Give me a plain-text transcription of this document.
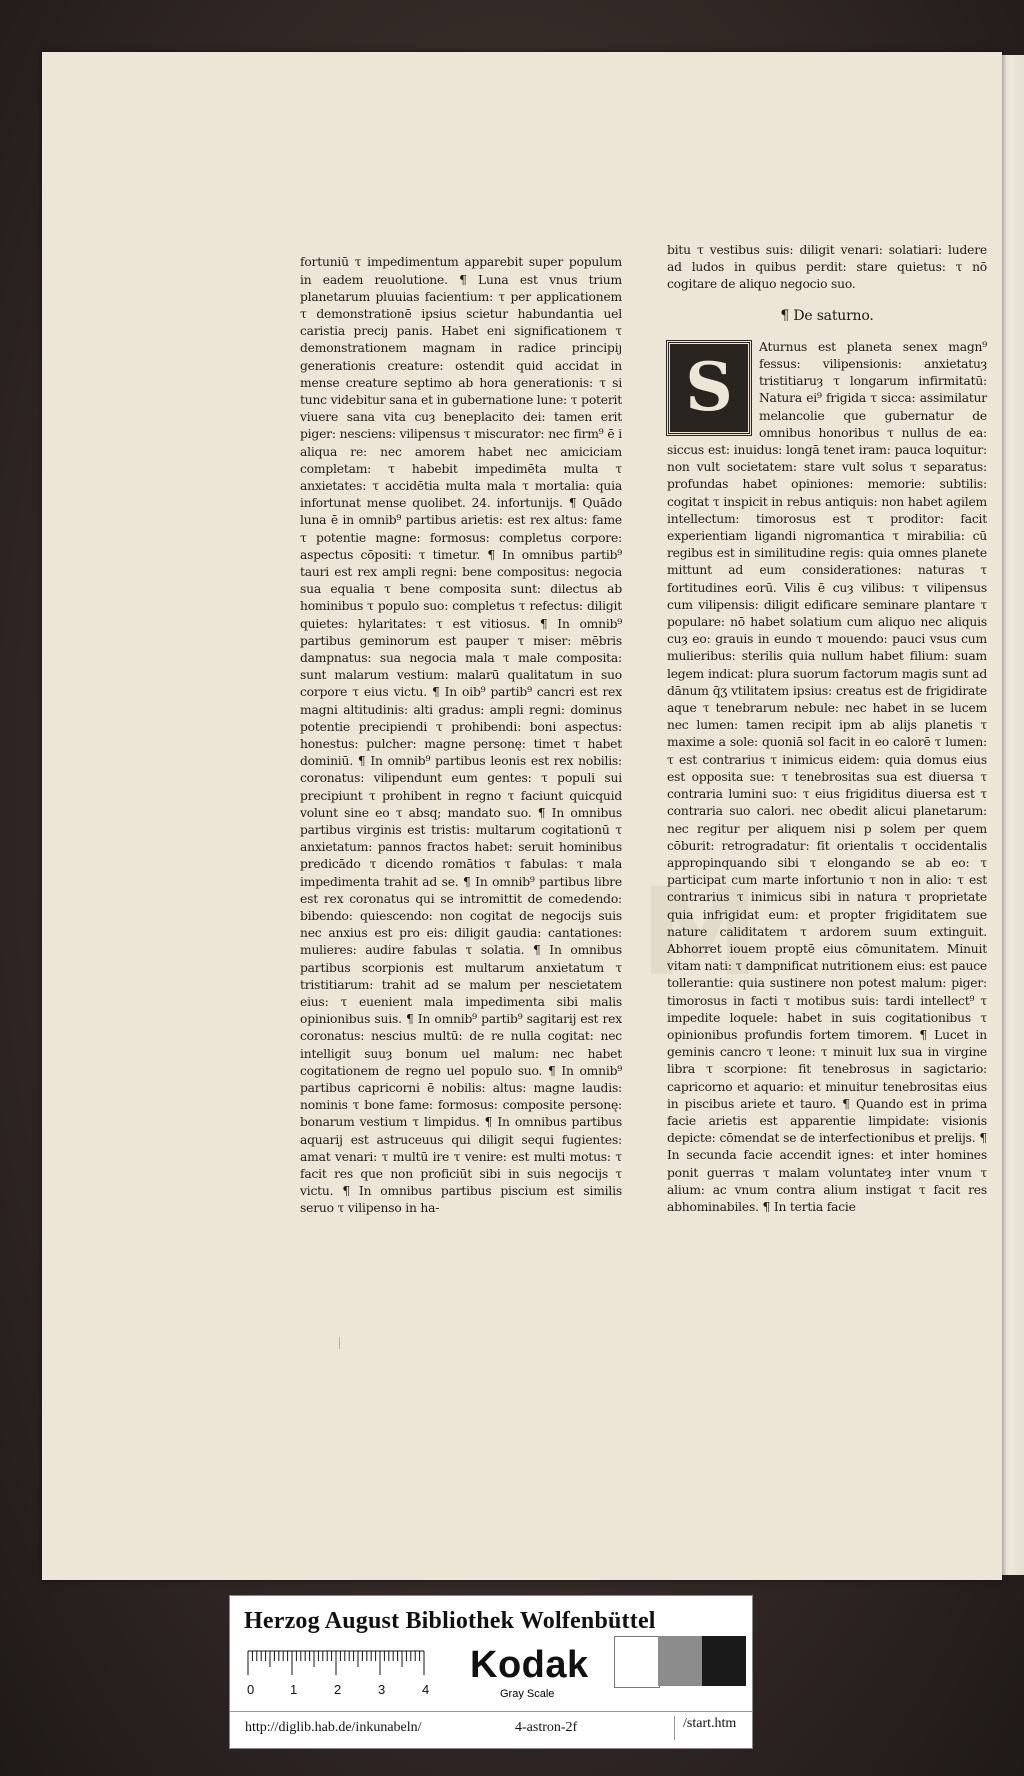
M

fortuniū τ impedimentum apparebit super populum in eadem reuolutione. ¶ Luna est vnus trium planetarum pluuias facientium: τ per applicationem τ demonstrationē ipsius scietur habundantia uel caristia preciȷ panis. Habet eni significationem τ demonstrationem magnam in radice principiȷ generationis creature: ostendit quid accidat in mense creature septimo ab hora generationis: τ si tunc videbitur sana et in gubernatione lune: τ poterit viuere sana vita cuȝ beneplacito dei: tamen erit piger: nesciens: vilipensus τ miscurator: nec firm⁹ ē i aliqua re: nec amorem habet nec amiciciam completam: τ habebit impedimēta multa τ anxietates: τ accidētia multa mala τ mortalia: quia infortunat mense quolibet. 24. infortunijs. ¶ Quādo luna ē in omnib⁹ partibus arietis: est rex altus: fame τ potentie magne: formosus: completus corpore: aspectus cōpositi: τ timetur. ¶ In omnibus partib⁹ tauri est rex ampli regni: bene compositus: negocia sua equalia τ bene composita sunt: dilectus ab hominibus τ populo suo: completus τ refectus: diligit quietes: hylaritates: τ est vitiosus. ¶ In omnib⁹ partibus geminorum est pauper τ miser: mēbris dampnatus: sua negocia mala τ male composita: sunt malarum vestium: malarū qualitatum in suo corpore τ eius victu. ¶ In oib⁹ partib⁹ cancri est rex magni altitudinis: alti gradus: ampli regni: dominus potentie precipiendi τ prohibendi: boni aspectus: honestus: pulcher: magne personę: timet τ habet dominiū. ¶ In omnib⁹ partibus leonis est rex nobilis: coronatus: vilipendunt eum gentes: τ populi sui precipiunt τ prohibent in regno τ faciunt quicquid volunt sine eo τ absq; mandato suo. ¶ In omnibus partibus virginis est tristis: multarum cogitationū τ anxietatum: pannos fractos habet: seruit hominibus predicādo τ dicendo romātios τ fabulas: τ mala impedimenta trahit ad se. ¶ In omnib⁹ partibus libre est rex coronatus qui se intromittit de comedendo: bibendo: quiescendo: non cogitat de negocijs suis nec anxius est pro eis: diligit gaudia: cantationes: mulieres: audire fabulas τ solatia. ¶ In omnibus partibus scorpionis est multarum anxietatum τ tristitiarum: trahit ad se malum per nescietatem eius: τ euenient mala impedimenta sibi malis opinionibus suis. ¶ In omnib⁹ partib⁹ sagitarij est rex coronatus: nescius multū: de re nulla cogitat: nec intelligit suuȝ bonum uel malum: nec habet cogitationem de regno uel populo suo. ¶ In omnib⁹ partibus capricorni ē nobilis: altus: magne laudis: nominis τ bone fame: formosus: composite personę: bonarum vestium τ limpidus. ¶ In omnibus partibus aquarij est astruceuus qui diligit sequi fugientes: amat venari: τ multū ire τ venire: est multi motus: τ facit res que non proficiūt sibi in suis negocijs τ victu. ¶ In omnibus partibus piscium est similis seruo τ vilipenso in ha-

bitu τ vestibus suis: diligit venari: solatiari: ludere ad ludos in quibus perdit: stare quietus: τ nō cogitare de aliquo negocio suo.

¶ De saturno.
S

Aturnus est planeta senex magn⁹ fessus: vilipensionis: anxietatuȝ tristitiaruȝ τ longarum infirmitatū: Natura ei⁹ frigida τ sicca: assimilatur melancolie que gubernatur de omnibus honoribus τ nullus de ea: siccus est: inuidus: longā tenet iram: pauca loquitur: non vult societatem: stare vult solus τ separatus: profundas habet opiniones: memorie: subtilis: cogitat τ inspicit in rebus antiquis: non habet agilem intellectum: timorosus est τ proditor: facit experientiam ligandi nigromantica τ mirabilia: cū regibus est in similitudine regis: quia omnes planete mittunt ad eum considerationes: naturas τ fortitudines eorū. Vilis ē cuȝ vilibus: τ vilipensus cum vilipensis: diligit edificare seminare plantare τ populare: nō habet solatium cum aliquo nec aliquis cuȝ eo: grauis in eundo τ mouendo: pauci vsus cum mulieribus: sterilis quia nullum habet filium: suam legem indicat: plura suorum factorum magis sunt ad dānum q̄ʒ vtilitatem ipsius: creatus est de frigidirate aque τ tenebrarum nebule: nec habet in se lucem nec lumen: tamen recipit ipm ab alijs planetis τ maxime a sole: quoniā sol facit in eo calorē τ lumen: τ est contrarius τ inimicus eidem: quia domus eius est opposita sue: τ tenebrositas sua est diuersa τ contraria lumini suo: τ eius frigiditus diuersa est τ contraria suo calori. nec obedit alicui planetarum: nec regitur per aliquem nisi p solem per quem cōburit: retrogradatur: fit orientalis τ occidentalis appropinquando sibi τ elongando se ab eo: τ participat cum marte infortunio τ non in alio: τ est contrarius τ inimicus sibi in natura τ proprietate quia infrigidat eum: et propter frigiditatem sue nature caliditatem τ ardorem suum extinguit. Abhorret iouem proptē eius cōmunitatem. Minuit vitam nati: τ dampnificat nutritionem eius: est pauce tollerantie: quia sustinere non potest malum: piger: timorosus in facti τ motibus suis: tardi intellect⁹ τ impedite loquele: habet in suis cogitationibus τ opinionibus profundis fortem timorem. ¶ Lucet in geminis cancro τ leone: τ minuit lux sua in virgine libra τ scorpione: fit tenebrosus in sagictario: capricorno et aquario: et minuitur tenebrositas eius in piscibus ariete et tauro. ¶ Quando est in prima facie arietis est apparentie limpidate: visionis depicte: cōmendat se de interfectionibus et prelijs. ¶ In secunda facie accendit ignes: et inter homines ponit guerras τ malam voluntateȝ inter vnum τ alium: ac vnum contra alium instigat τ facit res abhominabiles. ¶ In tertia facie

Herzog August Bibliothek Wolfenbüttel
0	1	2	3	4
Kodak
Gray Scale
http://diglib.hab.de/inkunabeln/	4-astron-2f	/start.htm
